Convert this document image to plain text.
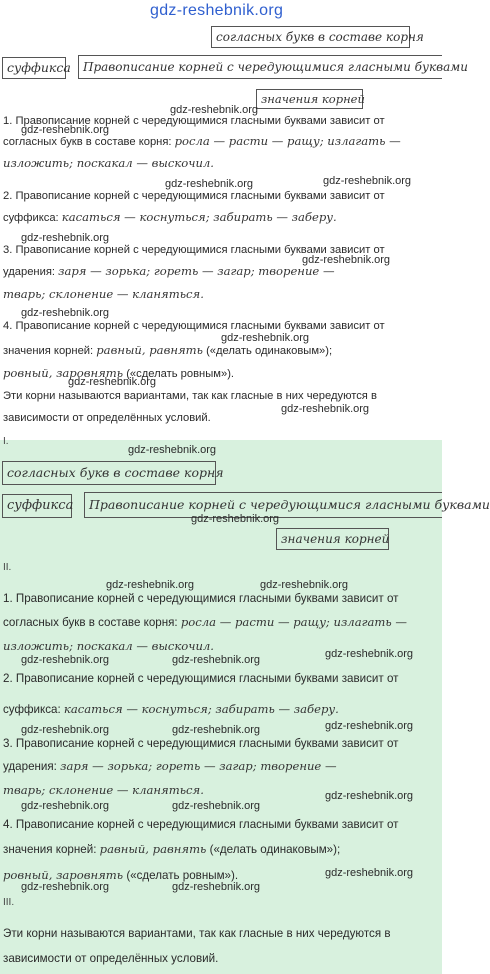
gdz-reshebnik.org
согласных букв в составе корня
суффикса	Правописание корней с чередующимися гласными буквами
значения корней
gdz-reshebnik.org
1. Правописание корней с чередующимися гласными буквами зависит от
gdz-reshebnik.org
согласных букв в составе корня: росла — расти — ращу; излагать —
изложить; поскакал — выскочил.
gdz-reshebnik.org	gdz-reshebnik.org
2. Правописание корней с чередующимися гласными буквами зависит от
суффикса: касаться — коснуться; забирать — заберу.
gdz-reshebnik.org
3. Правописание корней с чередующимися гласными буквами зависит от
gdz-reshebnik.org
ударения: заря — зорька; гореть — загар; творение —
тварь; склонение — кланяться.
gdz-reshebnik.org
4. Правописание корней с чередующимися гласными буквами зависит от
gdz-reshebnik.org
значения корней: равный, равнять («делать одинаковым»);
ровный, заровнять («сделать ровным»).
gdz-reshebnik.org
Эти корни называются вариантами, так как гласные в них чередуются в
gdz-reshebnik.org
зависимости от определённых условий.
I.
gdz-reshebnik.org
согласных букв в составе корня
суффикса	Правописание корней с чередующимися гласными буквами
gdz-reshebnik.org
значения корней
II.
gdz-reshebnik.org	gdz-reshebnik.org
1. Правописание корней с чередующимися гласными буквами зависит от
согласных букв в составе корня: росла — расти — ращу; излагать —
изложить; поскакал — выскочил.
gdz-reshebnik.org	gdz-reshebnik.org	gdz-reshebnik.org
2. Правописание корней с чередующимися гласными буквами зависит от
суффикса: касаться — коснуться; забирать — заберу.
gdz-reshebnik.org	gdz-reshebnik.org	gdz-reshebnik.org
3. Правописание корней с чередующимися гласными буквами зависит от
ударения: заря — зорька; гореть — загар; творение —
тварь; склонение — кланяться.
gdz-reshebnik.org	gdz-reshebnik.org
gdz-reshebnik.org
4. Правописание корней с чередующимися гласными буквами зависит от
значения корней: равный, равнять («делать одинаковым»);
ровный, заровнять («сделать ровным»).
gdz-reshebnik.org	gdz-reshebnik.org
gdz-reshebnik.org
III.
Эти корни называются вариантами, так как гласные в них чередуются в
зависимости от определённых условий.
